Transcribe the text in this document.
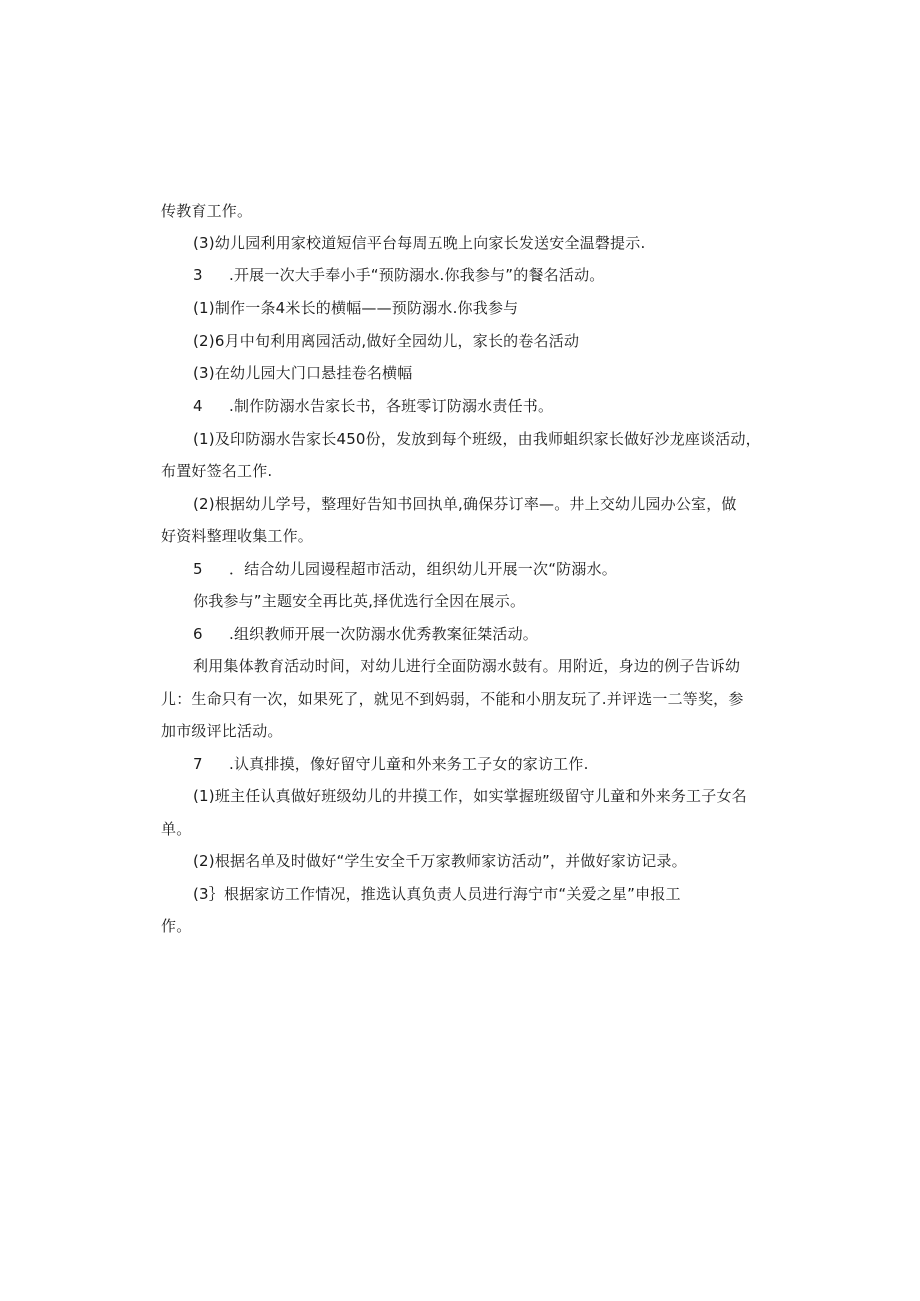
传教育工作。
(3)幼儿园利用家校道短信平台每周五晚上向家长发送安全温磬提示.
3 .开展一次大手奉小手“预防溺水.你我参与”的餐名活动。
(1)制作一条4米长的横幅——预防溺水.你我参与
(2)6月中旬利用离园活动,做好全园幼儿，家长的卷名活动
(3)在幼儿园大门口悬挂卷名横幅
4 .制作防溺水告家长书，各班零订防溺水责任书。
(1)及印防溺水告家长450份，发放到每个班级，由我师蛆织家长做好沙龙座谈活动，
布置好签名工作.
(2)根据幼儿学号，整理好告知书回执单,确保芬订率—。井上交幼儿园办公室，做
好资料整理收集工作。
5 ．结合幼儿园谩程超市活动，组织幼儿开展一次“防溺水。
你我参与”主题安全再比英,择优选行全因在展示。
6 .组织教师开展一次防溺水优秀教案征桀活动。
利用集体教育活动时间，对幼儿进行全面防溺水鼓有。用附近，身边的例子告诉幼
儿：生命只有一次，如果死了，就见不到妈弱，不能和小朋友玩了.并评选一二等奖，参
加市级评比活动。
7 .认真排摸，像好留守儿童和外来务工子女的家访工作.
(1)班主任认真做好班级幼儿的井摸工作，如实掌握班级留守儿童和外来务工子女名
单。
(2)根据名单及时做好“学生安全千万家教师家访活动”，并做好家访记录。
(3｝根据家访工作情况，推选认真负责人员进行海宁市“关爱之星”申报工
作。
